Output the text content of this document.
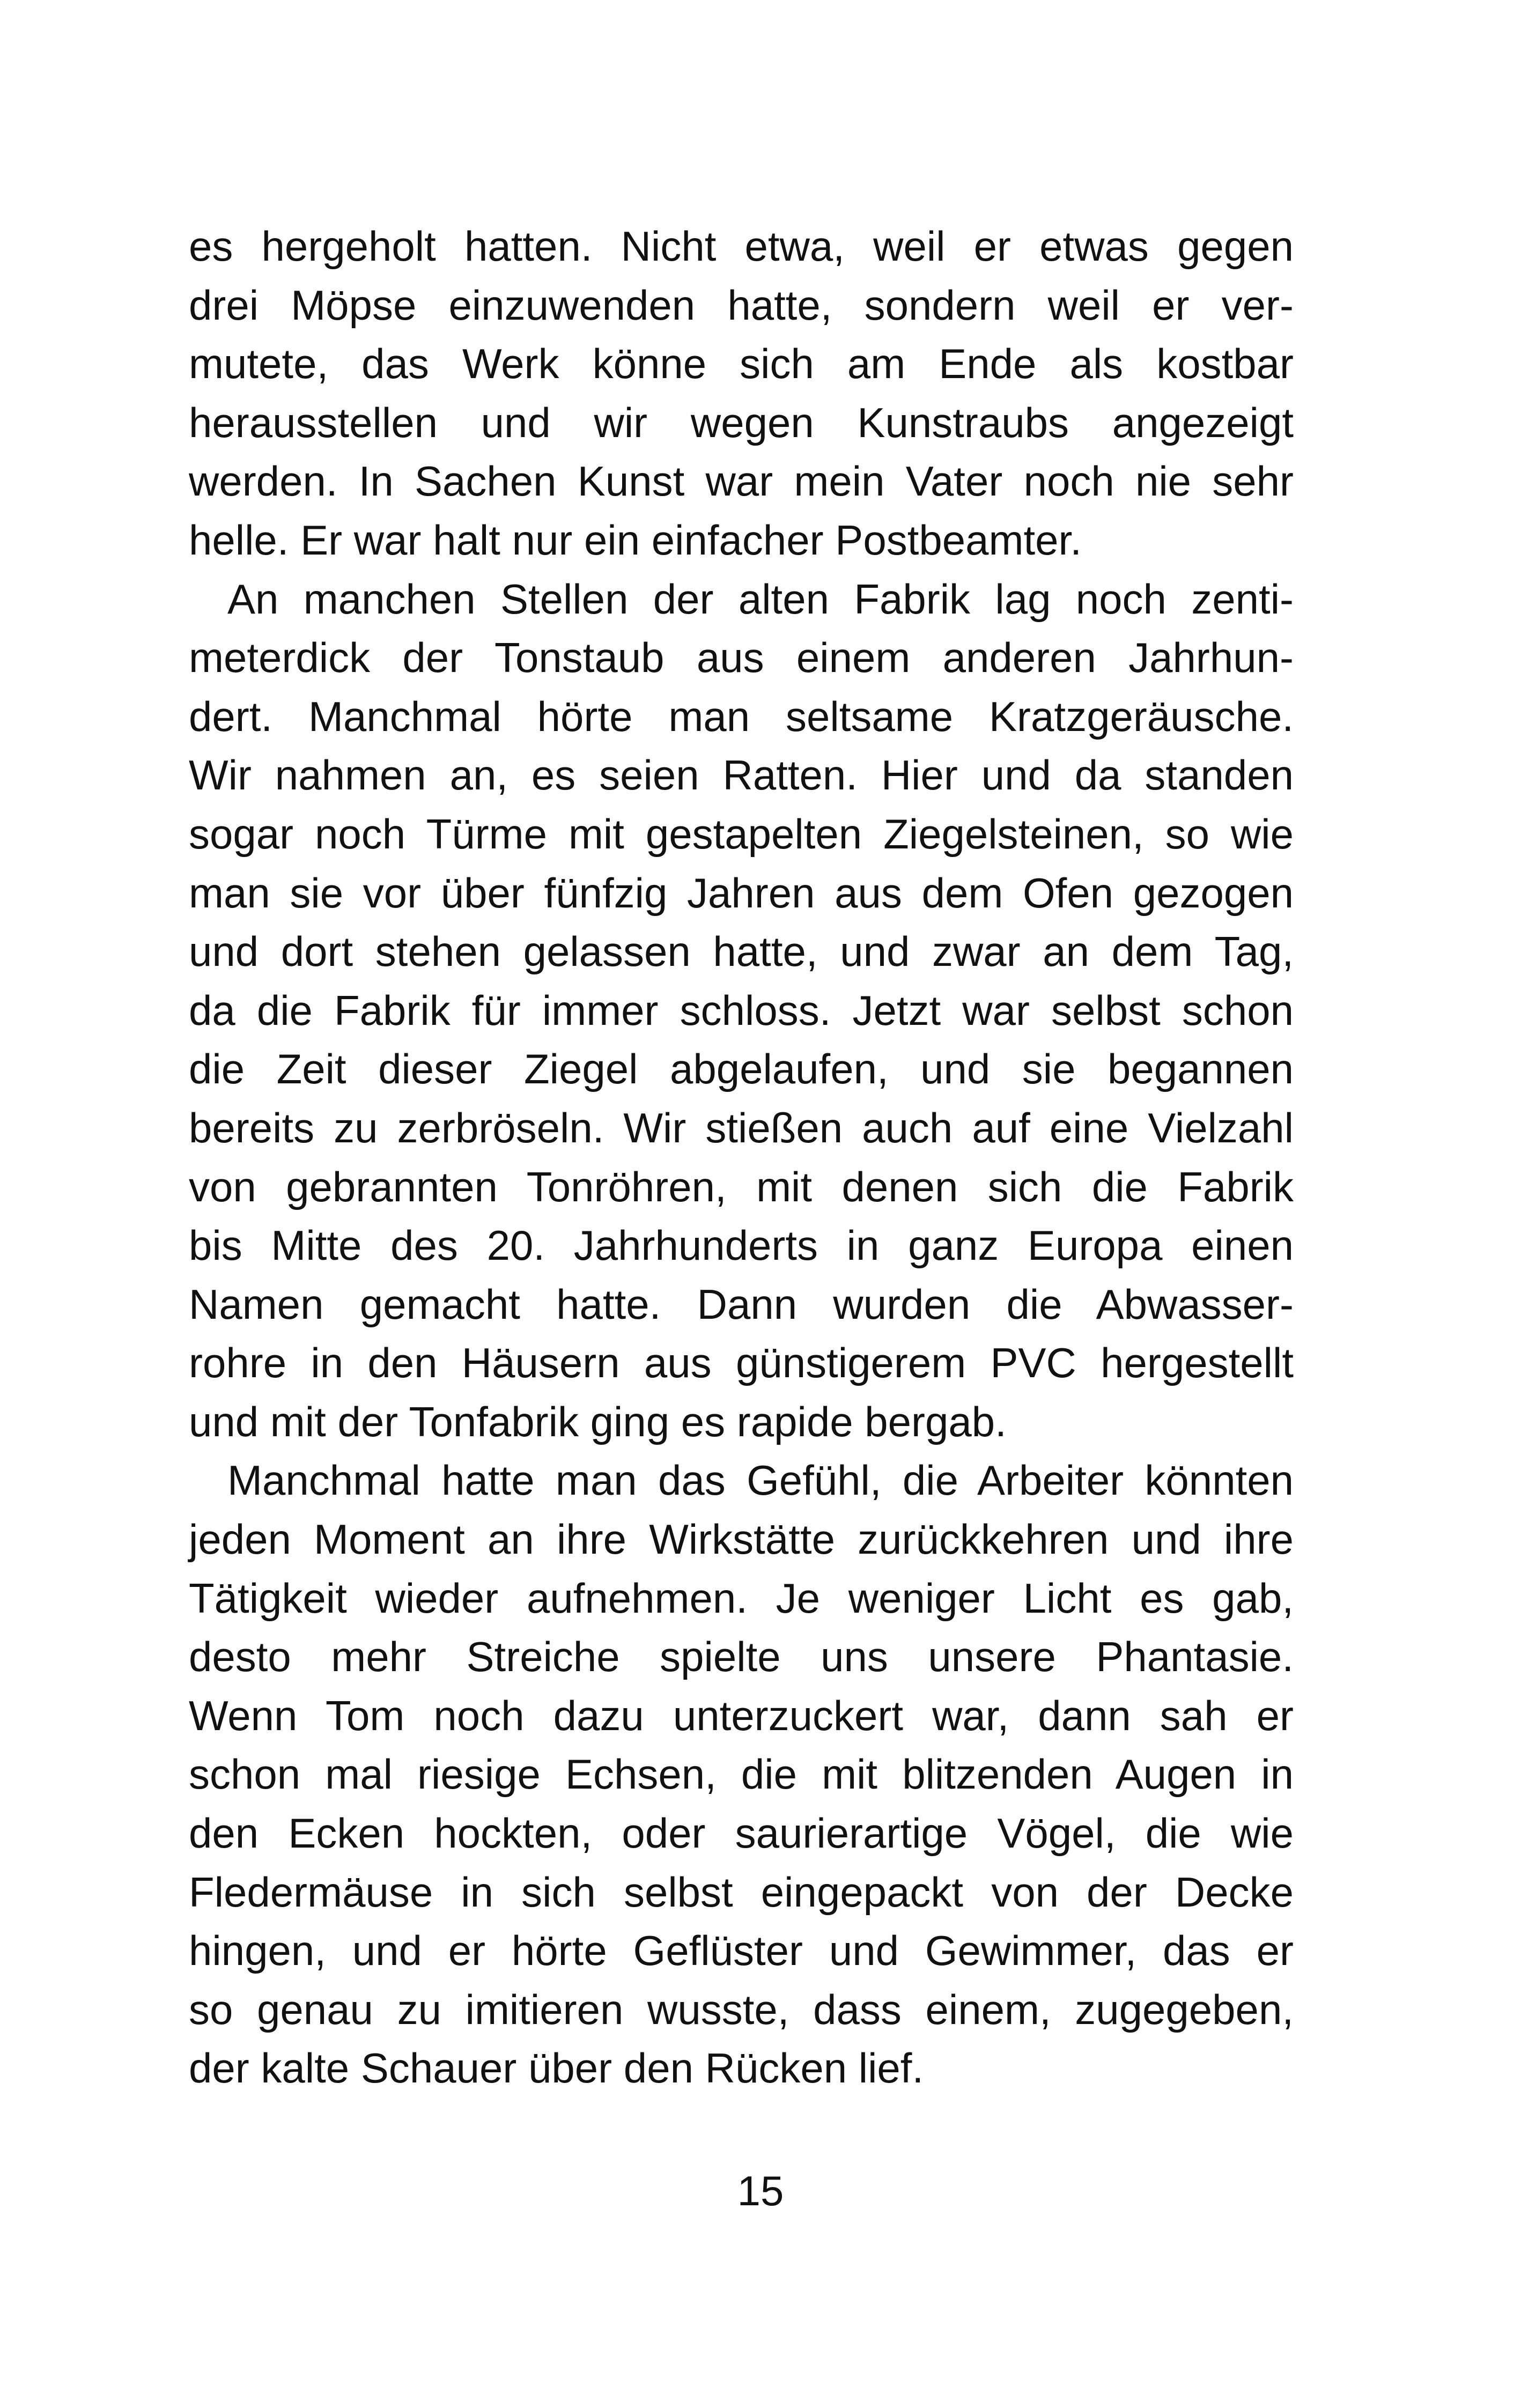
es hergeholt hatten. Nicht etwa, weil er etwas gegen
drei Möpse einzuwenden hatte, sondern weil er ver-
mutete, das Werk könne sich am Ende als kostbar
herausstellen und wir wegen Kunstraubs angezeigt
werden. In Sachen Kunst war mein Vater noch nie sehr
helle. Er war halt nur ein einfacher Postbeamter.
An manchen Stellen der alten Fabrik lag noch zenti-
meterdick der Tonstaub aus einem anderen Jahrhun-
dert. Manchmal hörte man seltsame Kratzgeräusche.
Wir nahmen an, es seien Ratten. Hier und da standen
sogar noch Türme mit gestapelten Ziegelsteinen, so wie
man sie vor über fünfzig Jahren aus dem Ofen gezogen
und dort stehen gelassen hatte, und zwar an dem Tag,
da die Fabrik für immer schloss. Jetzt war selbst schon
die Zeit dieser Ziegel abgelaufen, und sie begannen
bereits zu zerbröseln. Wir stießen auch auf eine Vielzahl
von gebrannten Tonröhren, mit denen sich die Fabrik
bis Mitte des 20. Jahrhunderts in ganz Europa einen
Namen gemacht hatte. Dann wurden die Abwasser-
rohre in den Häusern aus günstigerem PVC hergestellt
und mit der Tonfabrik ging es rapide bergab.
Manchmal hatte man das Gefühl, die Arbeiter könnten
jeden Moment an ihre Wirkstätte zurückkehren und ihre
Tätigkeit wieder aufnehmen. Je weniger Licht es gab,
desto mehr Streiche spielte uns unsere Phantasie.
Wenn Tom noch dazu unterzuckert war, dann sah er
schon mal riesige Echsen, die mit blitzenden Augen in
den Ecken hockten, oder saurierartige Vögel, die wie
Fledermäuse in sich selbst eingepackt von der Decke
hingen, und er hörte Geflüster und Gewimmer, das er
so genau zu imitieren wusste, dass einem, zugegeben,
der kalte Schauer über den Rücken lief.
15
